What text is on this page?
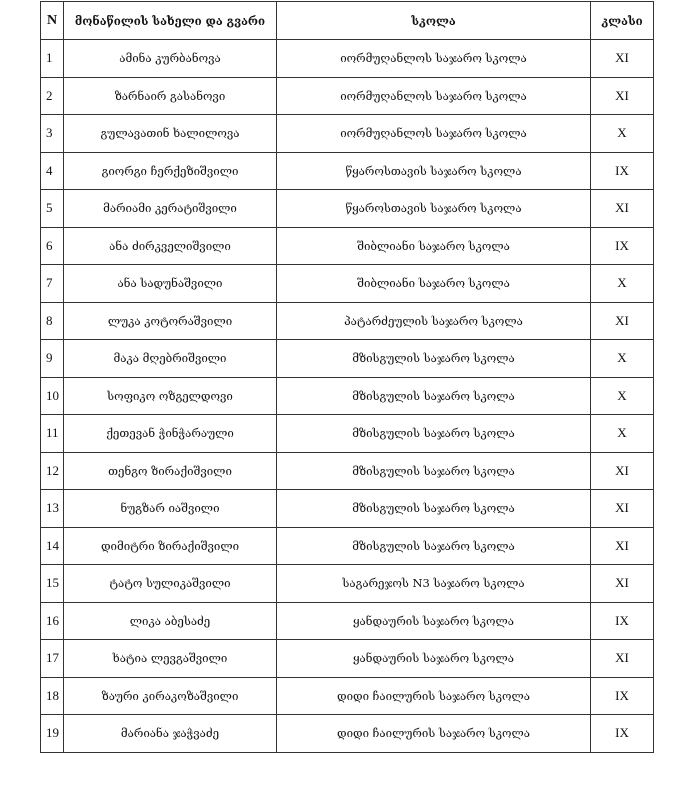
N	მონაწილის სახელი და გვარი	სკოლა	კლასი
1	ამინა კურბანოვა	იორმუღანლოს საჯარო სკოლა	XI
2	ზარნაირ გასანოვი	იორმუღანლოს საჯარო სკოლა	XI
3	გულავათინ ხალილოვა	იორმუღანლოს საჯარო სკოლა	X
4	გიორგი ჩერქეზიშვილი	წყაროსთავის საჯარო სკოლა	IX
5	მარიამი კერატიშვილი	წყაროსთავის საჯარო სკოლა	XI
6	ანა ძირკველიშვილი	შიბლიანი საჯარო სკოლა	IX
7	ანა სადუნაშვილი	შიბლიანი საჯარო სკოლა	X
8	ლუკა კოტორაშვილი	პატარძეულის საჯარო სკოლა	XI
9	მაკა მღებრიშვილი	მზისგულის საჯარო სკოლა	X
10	სოფიკო ოზგელდოვი	მზისგულის საჯარო სკოლა	X
11	ქეთევან ჭინჭარაული	მზისგულის საჯარო სკოლა	X
12	თენგო ზირაქიშვილი	მზისგულის საჯარო სკოლა	XI
13	ნუგზარ იაშვილი	მზისგულის საჯარო სკოლა	XI
14	დიმიტრი ზირაქიშვილი	მზისგულის საჯარო სკოლა	XI
15	ტატო სულიკაშვილი	საგარეჯოს N3 საჯარო სკოლა	XI
16	ლიკა აბესაძე	ყანდაურის საჯარო სკოლა	IX
17	ხატია ლევგაშვილი	ყანდაურის საჯარო სკოლა	XI
18	ზაური კირაკოზაშვილი	დიდი ჩაილურის საჯარო სკოლა	IX
19	მარიანა ჯაჭვაძე	დიდი ჩაილურის საჯარო სკოლა	IX
